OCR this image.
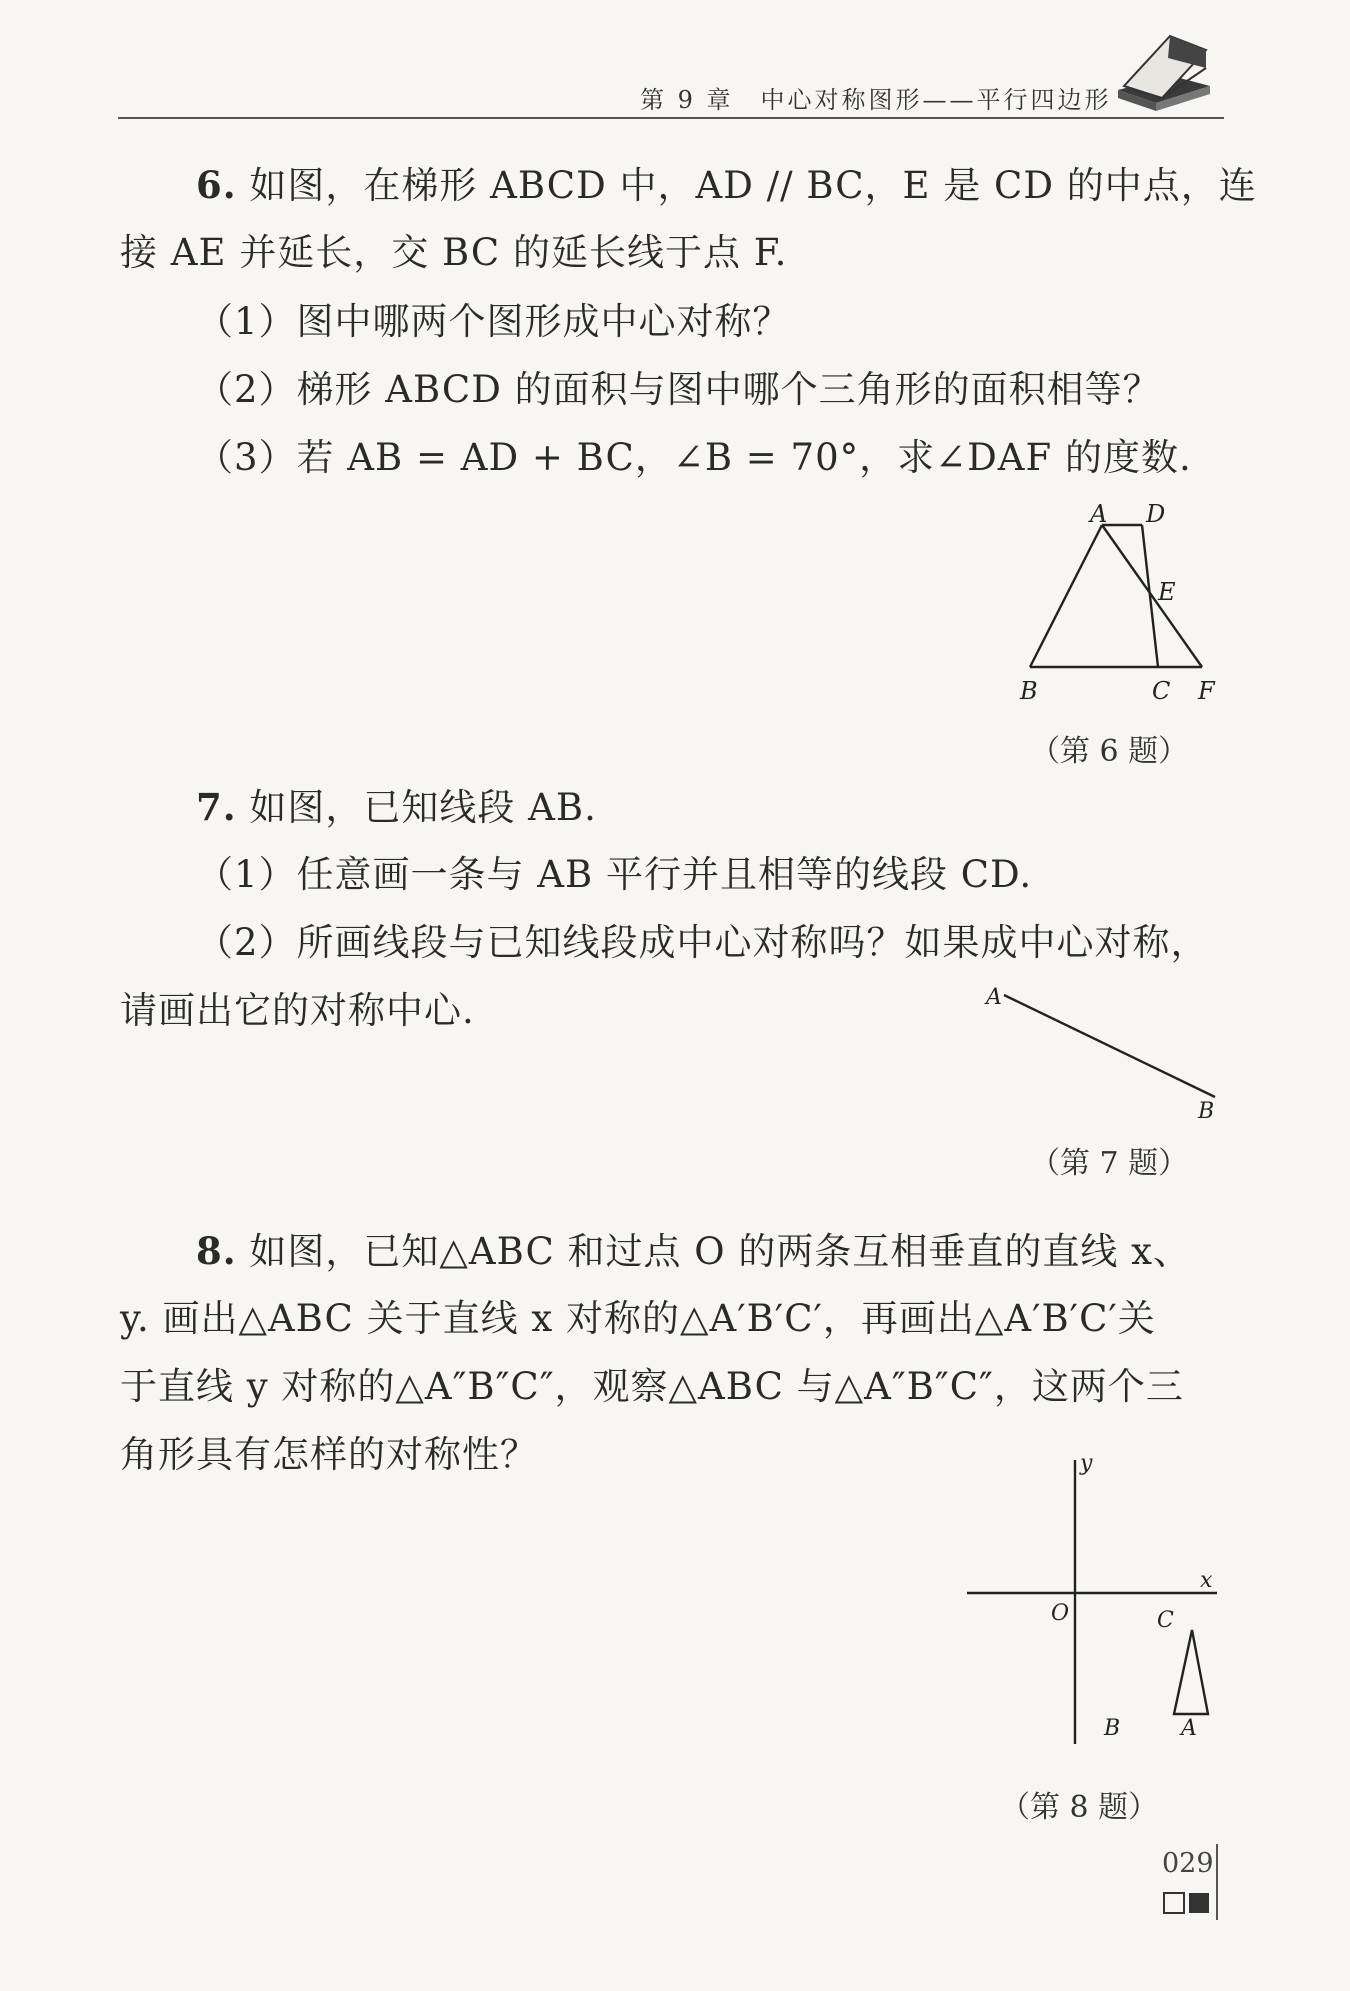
第 9 章　中心对称图形——平行四边形
6. 如图，在梯形 ABCD 中，AD // BC，E 是 CD 的中点，连
接 AE 并延长，交 BC 的延长线于点 F.
（1）图中哪两个图形成中心对称？
（2）梯形 ABCD 的面积与图中哪个三角形的面积相等？
（3）若 AB = AD + BC，∠B = 70°，求∠DAF 的度数.
A D
E
B	C F
（第 6 题）
7. 如图，已知线段 AB.
（1）任意画一条与 AB 平行并且相等的线段 CD.
（2）所画线段与已知线段成中心对称吗？如果成中心对称，
请画出它的对称中心.	A
B
（第 7 题）
8. 如图，已知△ABC 和过点 O 的两条互相垂直的直线 x、
y. 画出△ABC 关于直线 x 对称的△A′B′C′，再画出△A′B′C′关
于直线 y 对称的△A″B″C″，观察△ABC 与△A″B″C″，这两个三
角形具有怎样的对称性？	y
x
O	C
B	A
（第 8 题）
029
